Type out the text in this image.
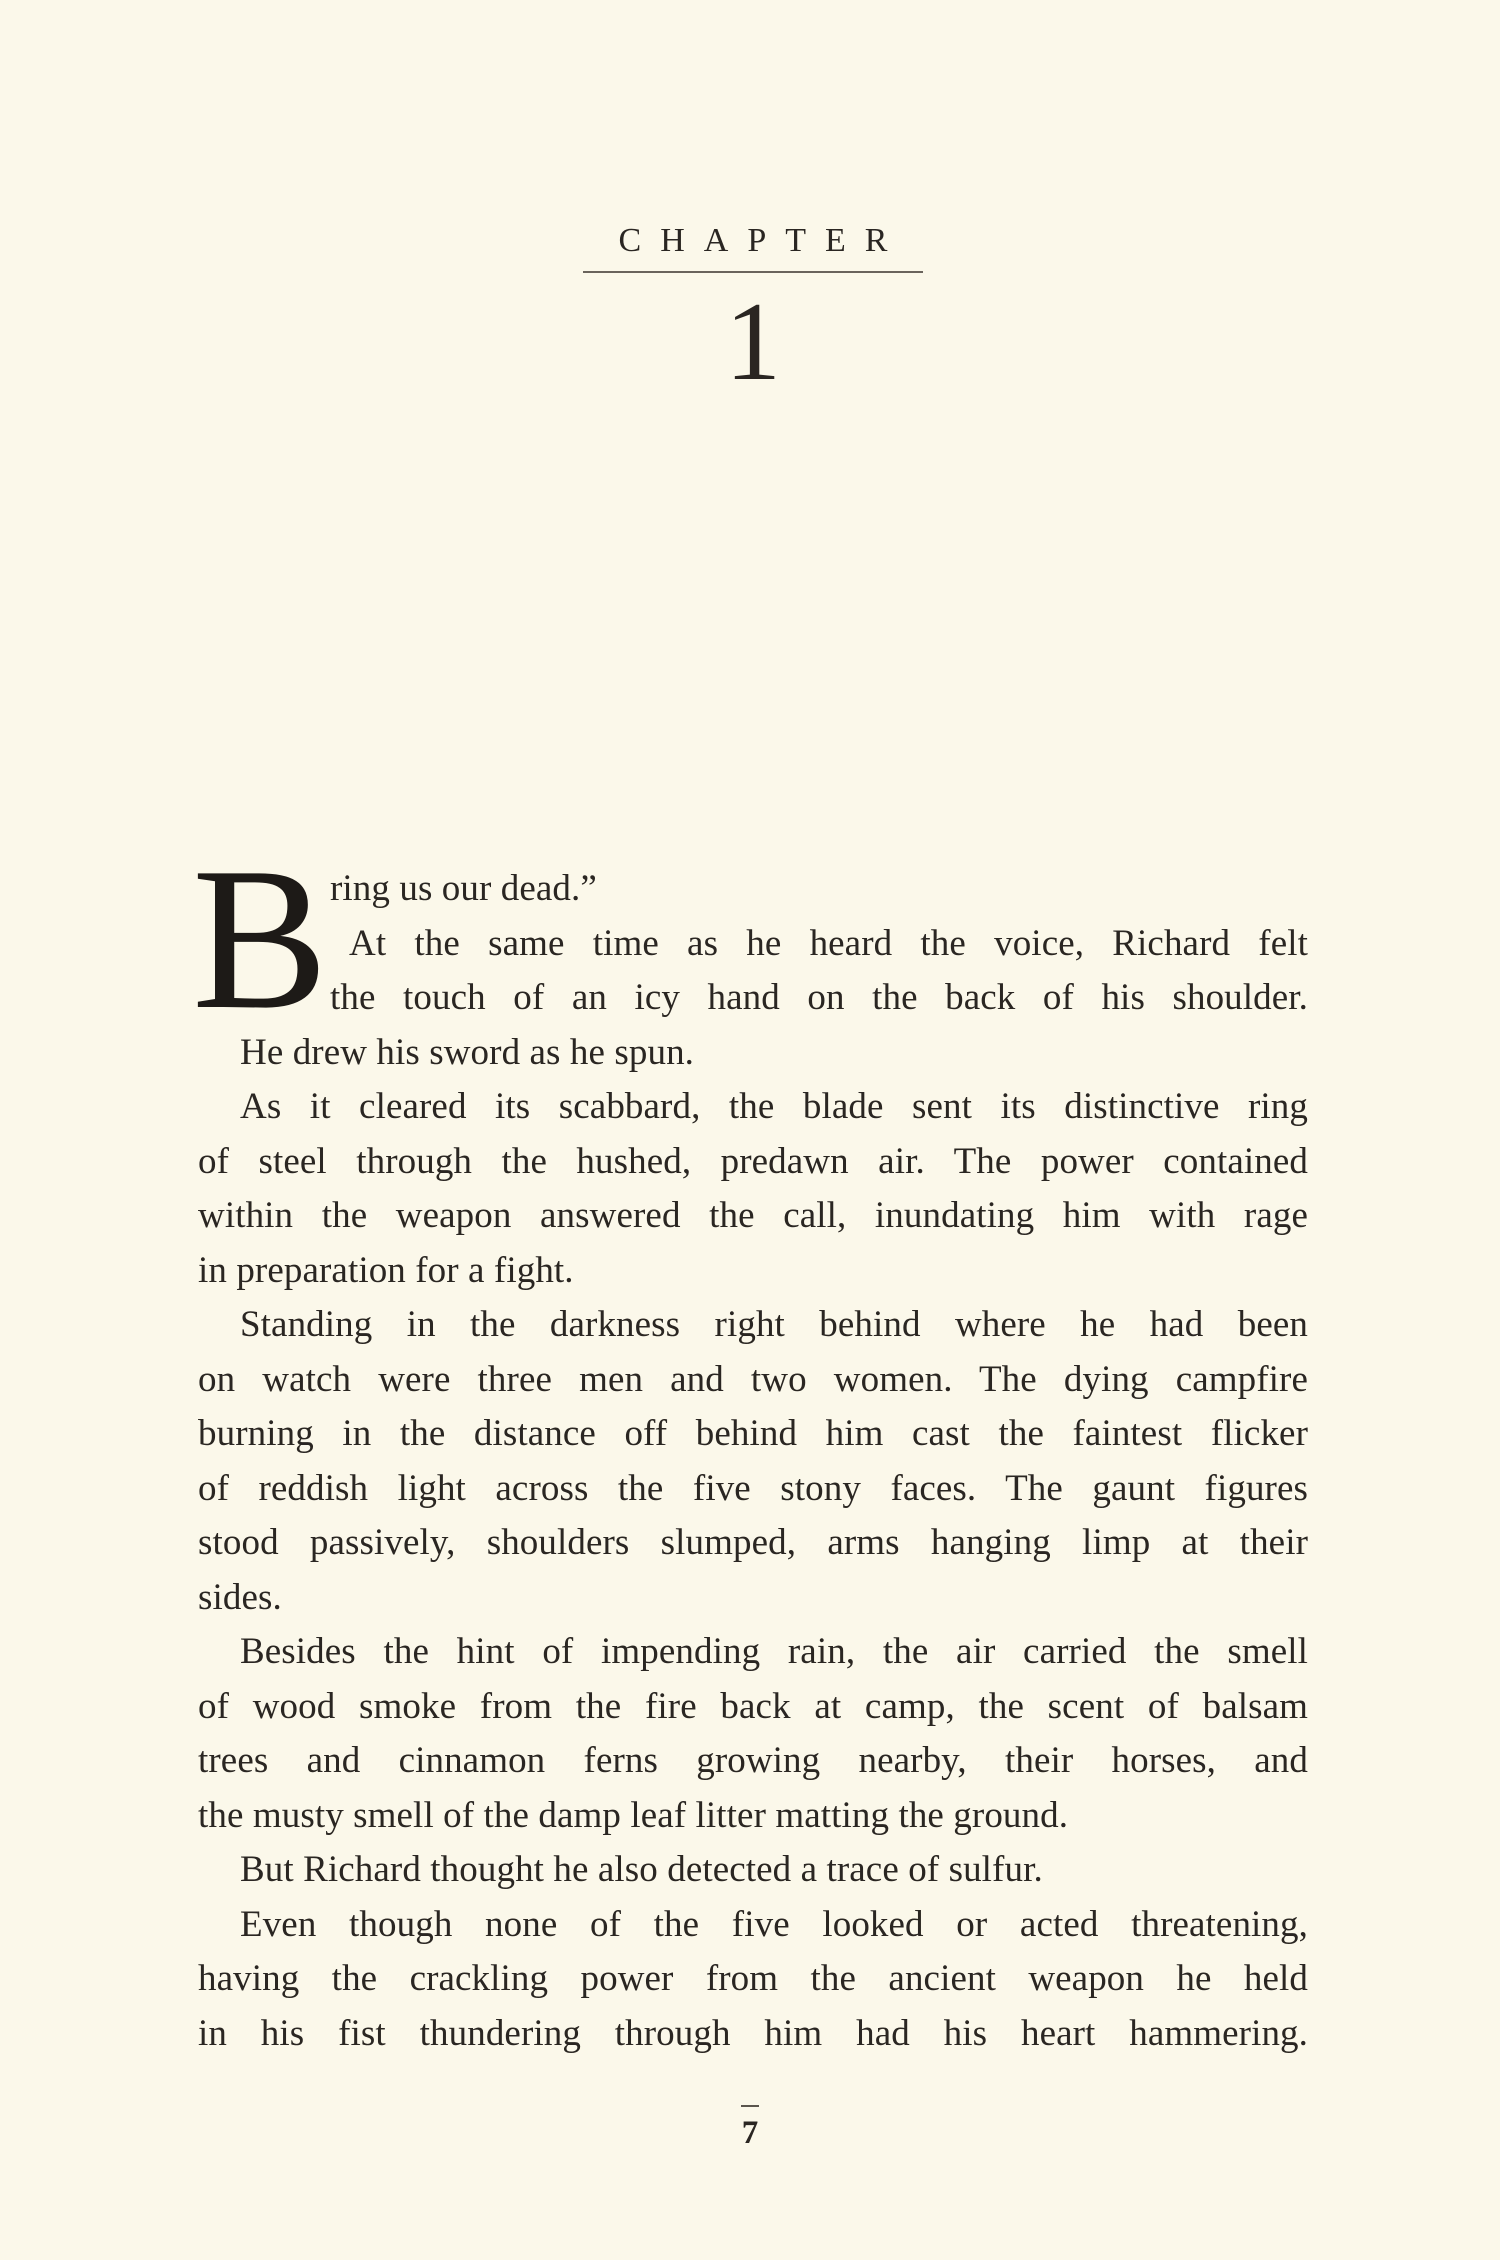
CHAPTER
1
B ring us our dead.”
At the same time as he heard the voice, Richard felt
the touch of an icy hand on the back of his shoulder.
He drew his sword as he spun.
As it cleared its scabbard, the blade sent its distinctive ring
of steel through the hushed, predawn air. The power contained
within the weapon answered the call, inundating him with rage
in preparation for a fight.
Standing in the darkness right behind where he had been
on watch were three men and two women. The dying campfire
burning in the distance off behind him cast the faintest flicker
of reddish light across the five stony faces. The gaunt figures
stood passively, shoulders slumped, arms hanging limp at their
sides.
Besides the hint of impending rain, the air carried the smell
of wood smoke from the fire back at camp, the scent of balsam
trees and cinnamon ferns growing nearby, their horses, and
the musty smell of the damp leaf litter matting the ground.
But Richard thought he also detected a trace of sulfur.
Even though none of the five looked or acted threatening,
having the crackling power from the ancient weapon he held
in his fist thundering through him had his heart hammering.
7
